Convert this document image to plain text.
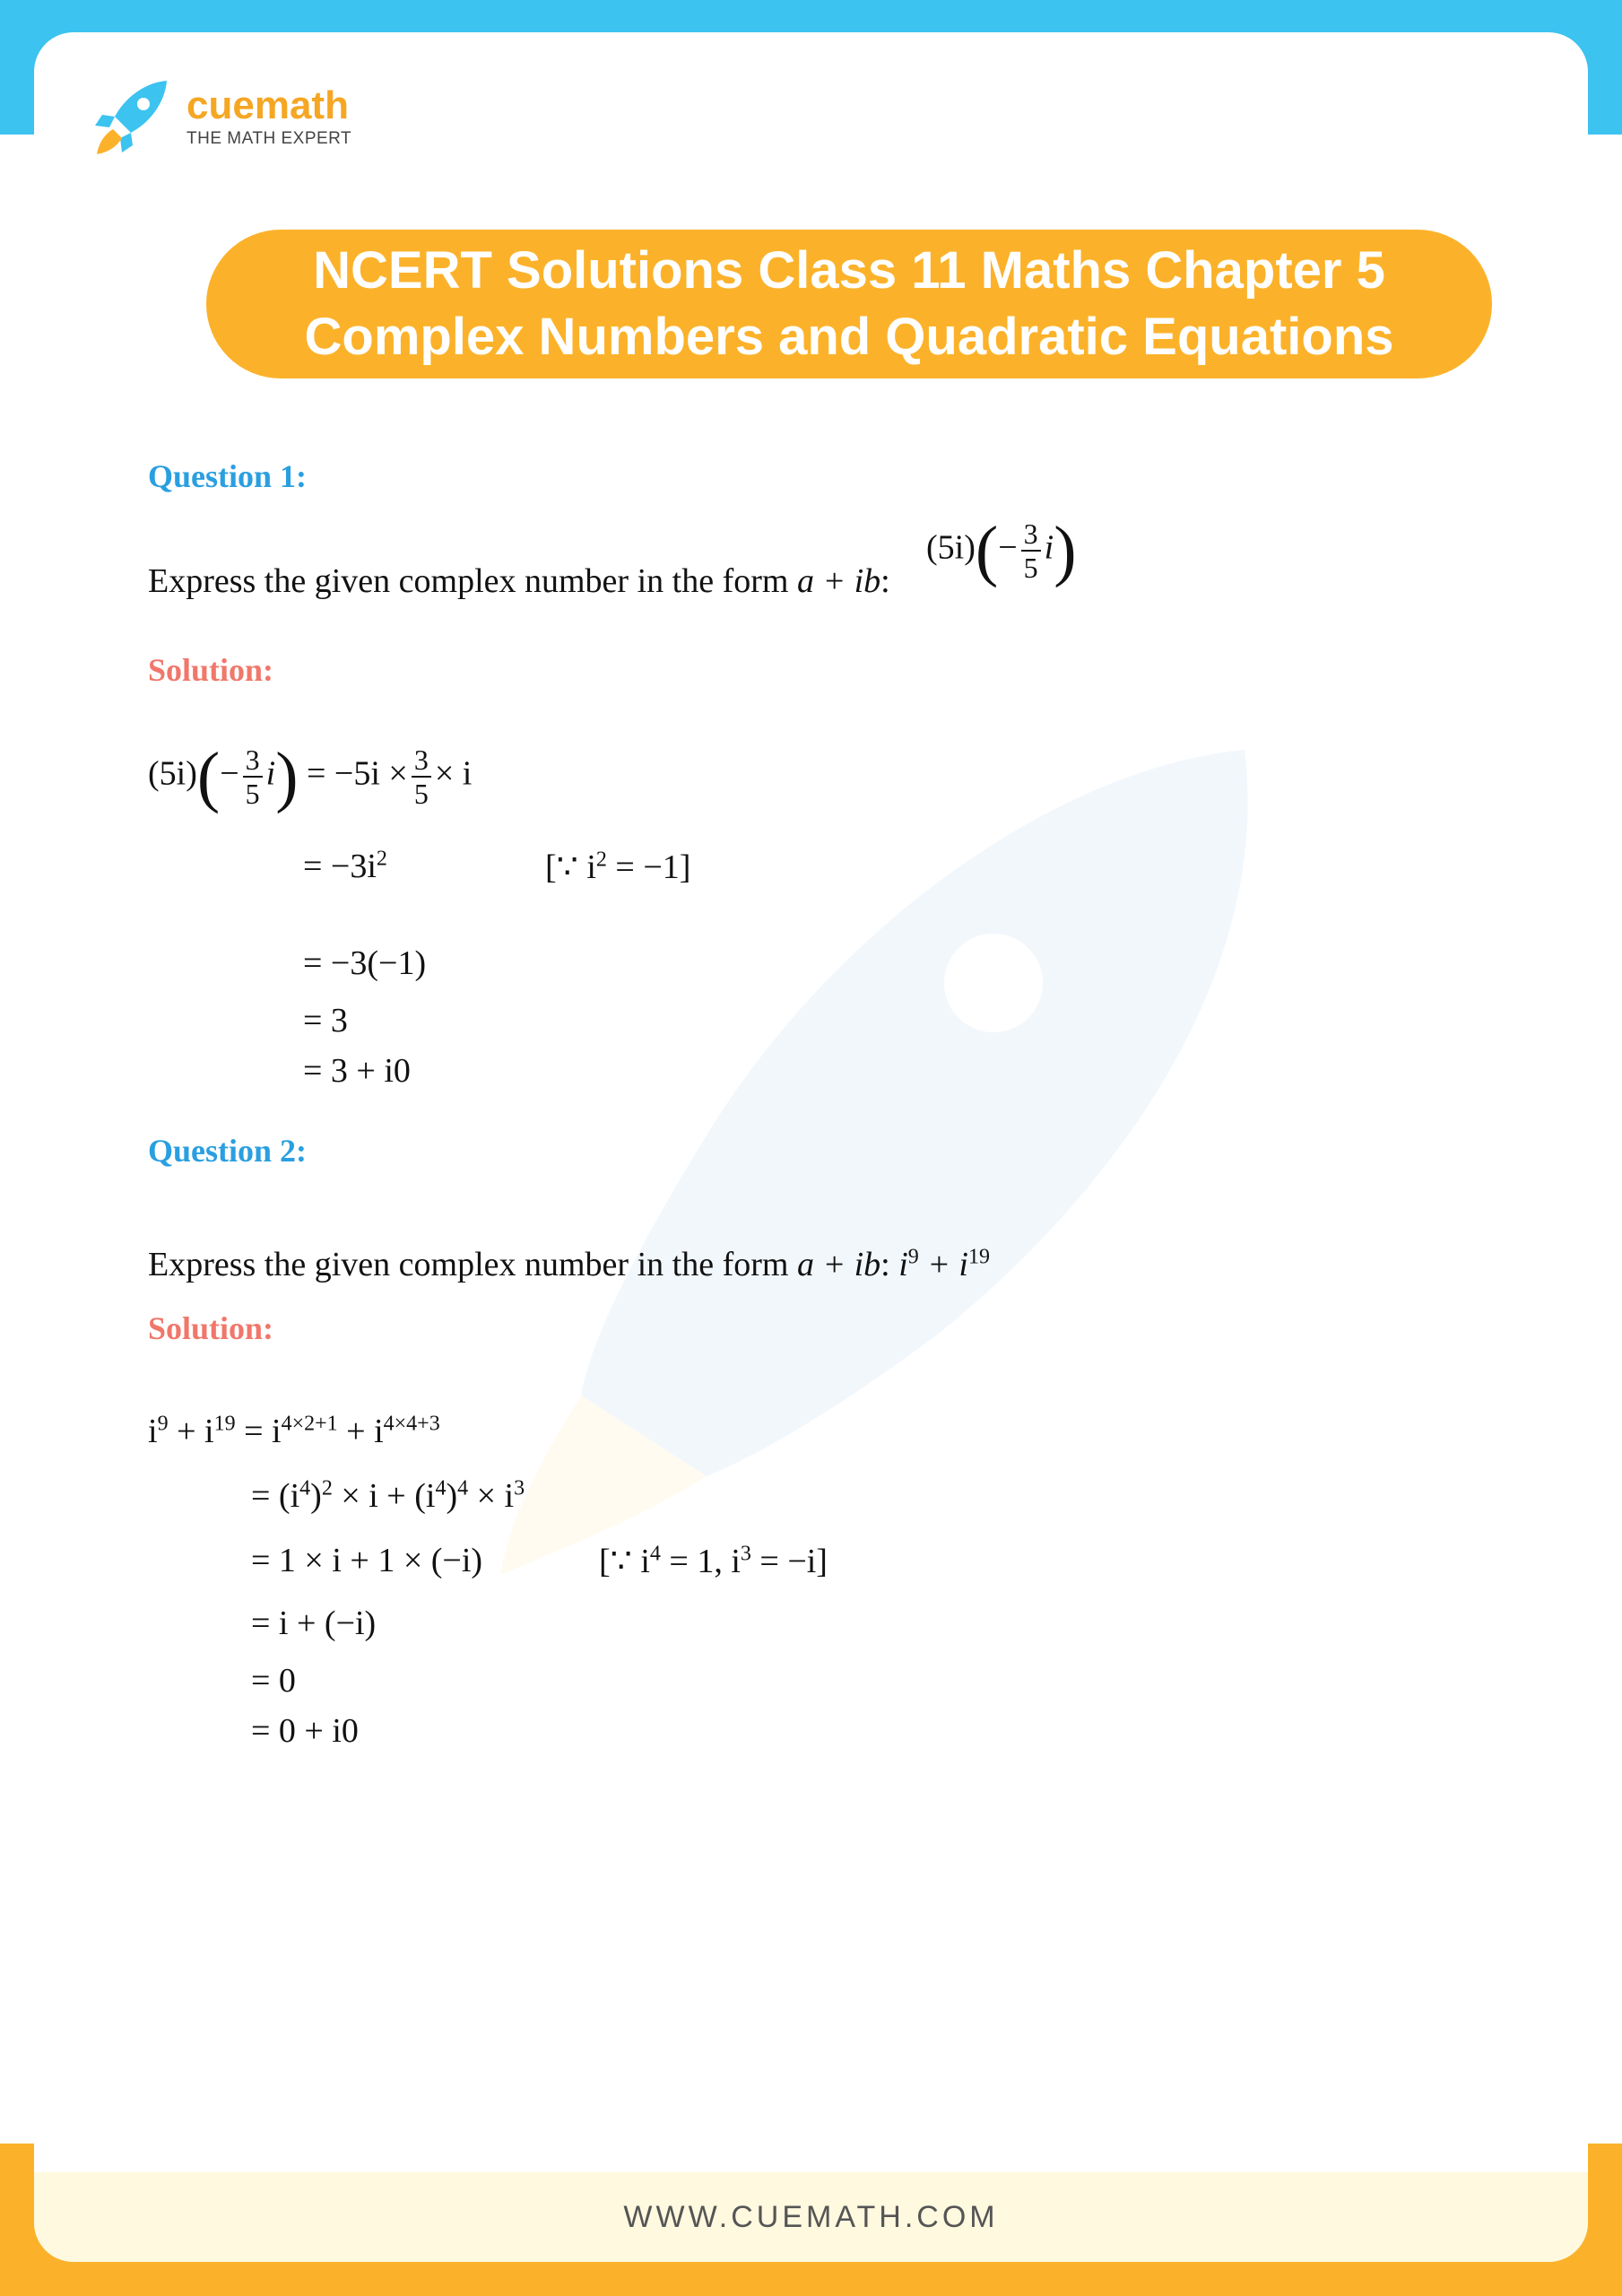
cuemath
THE MATH EXPERT
NCERT Solutions Class 11 Maths Chapter 5
Complex Numbers and Quadratic Equations
Question 1:
Express the given complex number in the form a + ib:
$(5i)(- \frac{3}{5} i)$
Solution:
$(5i)(- \frac{3}{5} i) = -5i \times \frac{3}{5} \times i$
= $-3i^2$	[∵ $i^2 = -1$]
= −3(−1)
= 3
= 3 + i0
Question 2:
Express the given complex number in the form a + ib: $i^9 + i^{19}$
Solution:
$i^9 + i^{19} = i^{4\times 2+1} + i^{4\times 4+3}$
= $(i^4)^2 \times i + (i^4)^4 \times i^3$
= 1 × i + 1 × (−i)	[∵ $i^4 = 1$, $i^3 = -i$]
= i + (−i)
= 0
= 0 + i0
WWW.CUEMATH.COM
